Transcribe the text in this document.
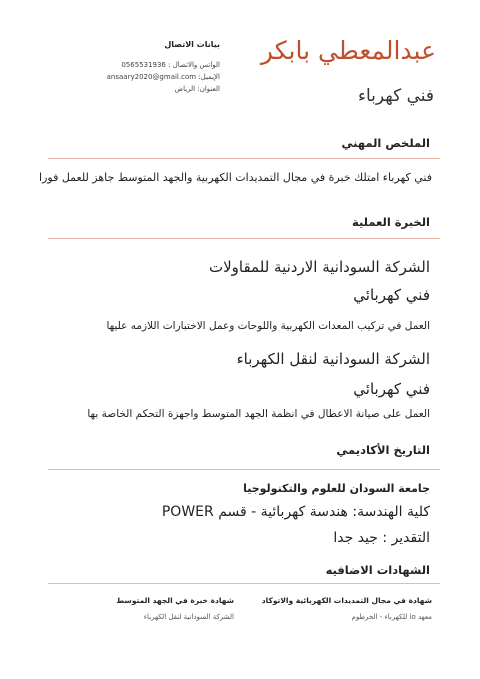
عبدالمعطي بابكر
فني كهرباء
بيانات الاتصال
الواتس والاتصال : 0565531936
الإيميل: ansaary2020@gmail.com
العنوان: الرياض
الملخص المهني
فني كهرباء امتلك خبرة في مجال التمديدات الكهربية والجهد المتوسط جاهز للعمل فورا
الخبرة العملية
الشركة السودانية الاردنية للمقاولات
فني كهربائي
العمل في تركيب المعدات الكهربية واللوحات وعمل الاختبارات اللازمه عليها
الشركة السودانية لنقل الكهرباء
فني كهربائي
العمل على صيانة الاعطال في انظمة الجهد المتوسط واجهزة التحكم الخاصة بها
التاريخ الأكاديمي
جامعة السودان للعلوم والتكنولوجيا
كلية الهندسة: هندسة كهربائية - قسم POWER
التقدير : جيد جدا
الشهادات الاضافيه
شهادة في مجال التمديدات الكهربائية والاتوكاد
معهد io للكهرباء - الخرطوم
شهادة خبرة في الجهد المتوسط
الشركة السودانية لنقل الكهرباء
